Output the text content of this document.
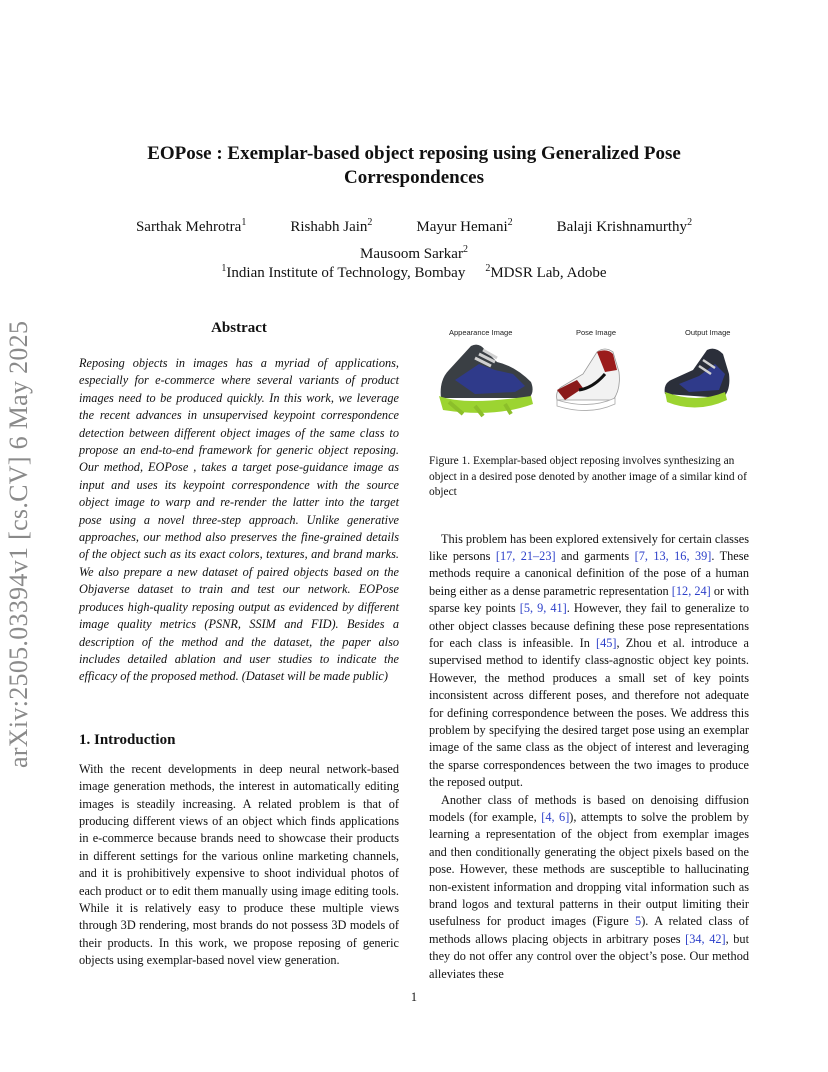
EOPose : Exemplar-based object reposing using Generalized Pose Correspondences
Sarthak Mehrotra$^1$	Rishabh Jain$^2$	Mayur Hemani$^2$	Balaji Krishnamurthy$^2$
Mausoom Sarkar$^2$
$^1$Indian Institute of Technology, Bombay $^2$MDSR Lab, Adobe
arXiv:2505.03394v1 [cs.CV] 6 May 2025	Abstract
Reposing objects in images has a myriad of applications, especially for e-commerce where several variants of product images need to be produced quickly. In this work, we leverage the recent advances in unsupervised keypoint correspondence detection between different object images of the same class to propose an end-to-end framework for generic object reposing. Our method, EOPose , takes a target pose-guidance image as input and uses its keypoint correspondence with the source object image to warp and re-render the latter into the target pose using a novel three-step approach. Unlike generative approaches, our method also preserves the fine-grained details of the object such as its exact colors, textures, and brand marks. We also prepare a new dataset of paired objects based on the Objaverse dataset to train and test our network. EOPose produces high-quality reposing output as evidenced by different image quality metrics (PSNR, SSIM and FID). Besides a description of the method and the dataset, the paper also includes detailed ablation and user studies to indicate the efficacy of the proposed method. (Dataset will be made public)
1. Introduction
With the recent developments in deep neural network-based image generation methods, the interest in automatically editing images is steadily increasing. A related problem is that of producing different views of an object which finds applications in e-commerce because brands need to showcase their products in different settings for the various online marketing channels, and it is prohibitively expensive to shoot individual photos of each product or to edit them manually using image editing tools. While it is relatively easy to produce these multiple views through 3D rendering, most brands do not possess 3D models of their products. In this work, we propose reposing of generic objects using exemplar-based novel view generation.
Appearance Image	Pose Image	Output Image
Figure 1. Exemplar-based object reposing involves synthesizing an object in a desired pose denoted by another image of a similar kind of object

This problem has been explored extensively for certain classes like persons [17, 21–23] and garments [7, 13, 16, 39]. These methods require a canonical definition of the pose of a human being either as a dense parametric representation [12, 24] or with sparse key points [5, 9, 41]. However, they fail to generalize to other object classes because defining these pose representations for each class is infeasible. In [45], Zhou et al. introduce a supervised method to identify class-agnostic object key points. However, the method produces a small set of key points inconsistent across different poses, and therefore not adequate for defining correspondence between the poses. We address this problem by specifying the desired target pose using an exemplar image of the same class as the object of interest and leveraging the sparse correspondences between the two images to produce the reposed output.

Another class of methods is based on denoising diffusion models (for example, [4, 6]), attempts to solve the problem by learning a representation of the object from exemplar images and then conditionally generating the object pixels based on the pose. However, these methods are susceptible to hallucinating non-existent information and dropping vital information such as brand logos and textural patterns in their output limiting their usefulness for product images (Figure 5). A related class of methods allows placing objects in arbitrary poses [34, 42], but they do not offer any control over the object’s pose. Our method alleviates these

1
